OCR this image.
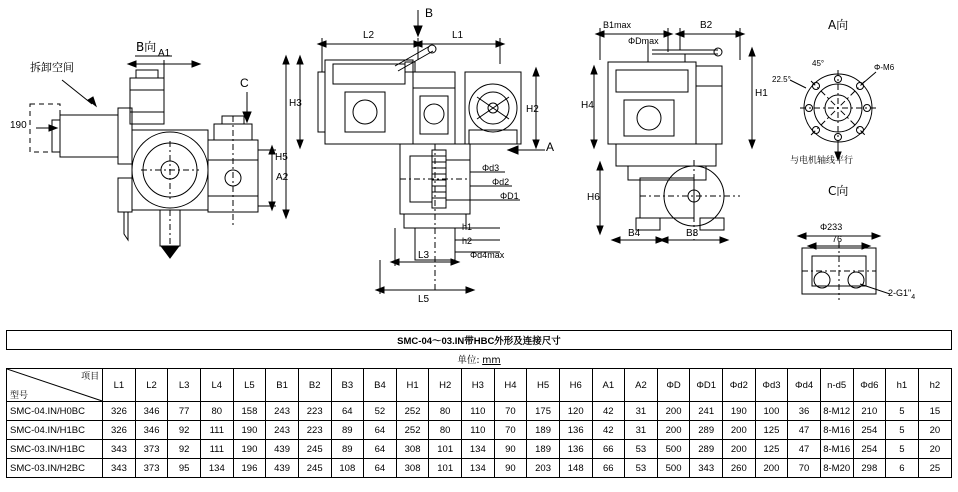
B向
拆卸空间
190
A1
A2
C
B
L2	L1
H3
H5
H2
A
Φd3
Φd2
ΦD1
h1
h2
Φd4max
L3
L5
B1max	B2
ΦDmax
H1
H4
H6
B4	B3
A向
22.5°
45°	Φ-M6
与电机轴线平行
C向
Φ233
76
$2-G1"_4$
SMC-04～03.IN带HBC外形及连接尺寸
单位: mm																										

项目
型号	L1	L2	L3	L4	L5	B1	B2	B3	B4	H1	H2	H3	H4	H5	H6	A1	A2	ΦD	ΦD1	Φd2	Φd3	Φd4	n-d5	Φd6	h1	h2
SMC-04.IN/H0BC	326	346	77	80	158	243	223	64	52	252	80	110	70	175	120	42	31	200	241	190	100	36	8-M12	210	5	15
SMC-04.IN/H1BC	326	346	92	111	190	243	223	89	64	252	80	110	70	189	136	42	31	200	289	200	125	47	8-M16	254	5	20
SMC-03.IN/H1BC	343	373	92	111	190	439	245	89	64	308	101	134	90	189	136	66	53	500	289	200	125	47	8-M16	254	5	20
SMC-03.IN/H2BC	343	373	95	134	196	439	245	108	64	308	101	134	90	203	148	66	53	500	343	260	200	70	8-M20	298	6	25
